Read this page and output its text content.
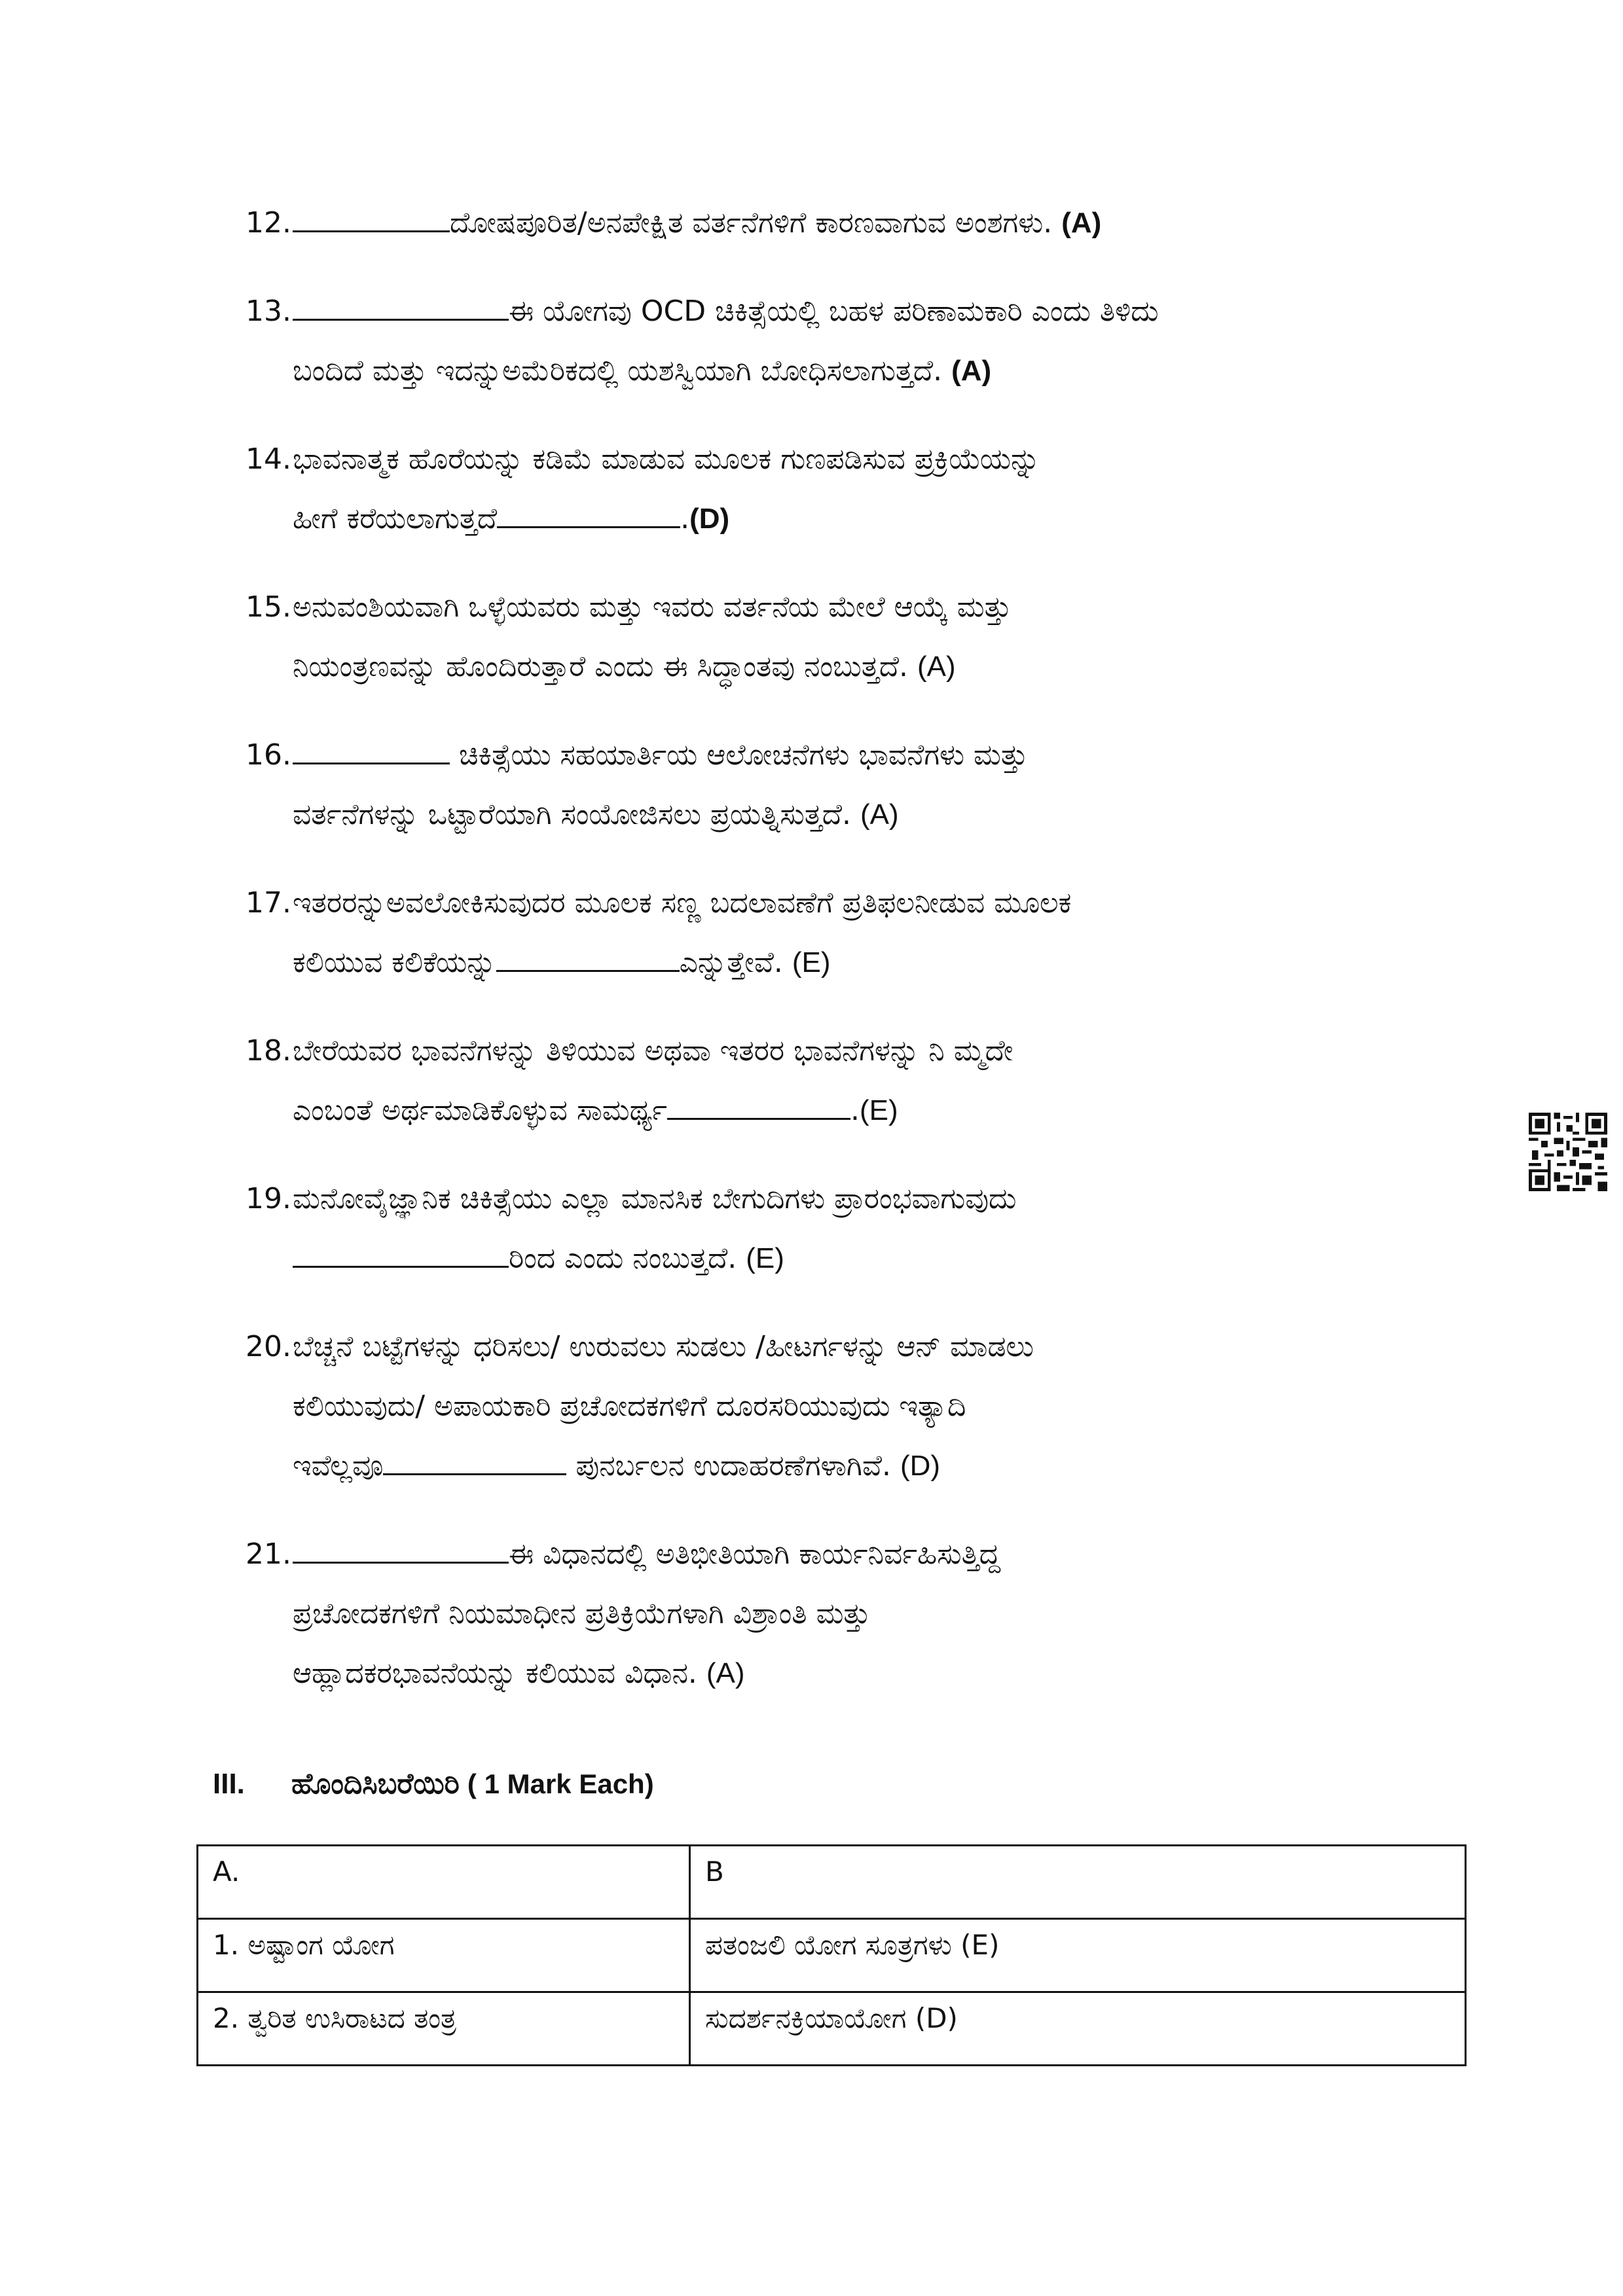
12.	ದೋಷಪೂರಿತ/ಅನಪೇಕ್ಷಿತ ವರ್ತನೆಗಳಿಗೆ ಕಾರಣವಾಗುವ ಅಂಶಗಳು. (A)
13.	ಈ ಯೋಗವು OCD ಚಿಕಿತ್ಸೆಯಲ್ಲಿ ಬಹಳ ಪರಿಣಾಮಕಾರಿ ಎಂದು ತಿಳಿದು
ಬಂದಿದೆ ಮತ್ತು ಇದನ್ನುಅಮೆರಿಕದಲ್ಲಿ ಯಶಸ್ವಿಯಾಗಿ ಬೋಧಿಸಲಾಗುತ್ತದೆ. (A)
14. ಭಾವನಾತ್ಮಕ ಹೊರೆಯನ್ನು ಕಡಿಮೆ ಮಾಡುವ ಮೂಲಕ ಗುಣಪಡಿಸುವ ಪ್ರಕ್ರಿಯೆಯನ್ನು
ಹೀಗೆ ಕರೆಯಲಾಗುತ್ತದೆ	.(D)
15. ಅನುವಂಶಿಯವಾಗಿ ಒಳ್ಳೆಯವರು ಮತ್ತು ಇವರು ವರ್ತನೆಯ ಮೇಲೆ ಆಯ್ಕೆ ಮತ್ತು
ನಿಯಂತ್ರಣವನ್ನು ಹೊಂದಿರುತ್ತಾರೆ ಎಂದು ಈ ಸಿದ್ಧಾಂತವು ನಂಬುತ್ತದೆ. (A)
16.	ಚಿಕಿತ್ಸೆಯು ಸಹಯಾರ್ತಿಯ ಆಲೋಚನೆಗಳು ಭಾವನೆಗಳು ಮತ್ತು
ವರ್ತನೆಗಳನ್ನು ಒಟ್ಟಾರೆಯಾಗಿ ಸಂಯೋಜಿಸಲು ಪ್ರಯತ್ನಿಸುತ್ತದೆ. (A)
17. ಇತರರನ್ನುಅವಲೋಕಿಸುವುದರ ಮೂಲಕ ಸಣ್ಣ ಬದಲಾವಣೆಗೆ ಪ್ರತಿಫಲನೀಡುವ ಮೂಲಕ
ಕಲಿಯುವ ಕಲಿಕೆಯನ್ನು	ಎನ್ನುತ್ತೇವೆ. (E)
18. ಬೇರೆಯವರ ಭಾವನೆಗಳನ್ನು ತಿಳಿಯುವ ಅಥವಾ ಇತರರ ಭಾವನೆಗಳನ್ನು ನಿ ಮ್ಮದೇ
ಎಂಬಂತೆ ಅರ್ಥಮಾಡಿಕೊಳ್ಳುವ ಸಾಮರ್ಥ್ಯ	.(E)
19. ಮನೋವೈಜ್ಞಾನಿಕ ಚಿಕಿತ್ಸೆಯು ಎಲ್ಲಾ ಮಾನಸಿಕ ಬೇಗುದಿಗಳು ಪ್ರಾರಂಭವಾಗುವುದು
ರಿಂದ ಎಂದು ನಂಬುತ್ತದೆ. (E)
20. ಬೆಚ್ಚನೆ ಬಟ್ಟೆಗಳನ್ನು ಧರಿಸಲು/ ಉರುವಲು ಸುಡಲು /ಹೀಟರ್ಗಳನ್ನು ಆನ್ ಮಾಡಲು
ಕಲಿಯುವುದು/ ಅಪಾಯಕಾರಿ ಪ್ರಚೋದಕಗಳಿಗೆ ದೂರಸರಿಯುವುದು ಇತ್ಯಾದಿ
ಇವೆಲ್ಲವೂ	ಪುನರ್ಬಲನ ಉದಾಹರಣೆಗಳಾಗಿವೆ. (D)
21.	ಈ ವಿಧಾನದಲ್ಲಿ ಅತಿಭೀತಿಯಾಗಿ ಕಾರ್ಯನಿರ್ವಹಿಸುತ್ತಿದ್ದ
ಪ್ರಚೋದಕಗಳಿಗೆ ನಿಯಮಾಧೀನ ಪ್ರತಿಕ್ರಿಯೆಗಳಾಗಿ ವಿಶ್ರಾಂತಿ ಮತ್ತು
ಆಹ್ಲಾದಕರಭಾವನೆಯನ್ನು ಕಲಿಯುವ ವಿಧಾನ. (A)
III.	ಹೊಂದಿಸಿಬರೆಯಿರಿ ( 1 Mark Each)
A.	B
1. ಅಷ್ಟಾಂಗ ಯೋಗ	ಪತಂಜಲಿ ಯೋಗ ಸೂತ್ರಗಳು (E)
2. ತ್ವರಿತ ಉಸಿರಾಟದ ತಂತ್ರ	ಸುದರ್ಶನಕ್ರಿಯಾಯೋಗ (D)
